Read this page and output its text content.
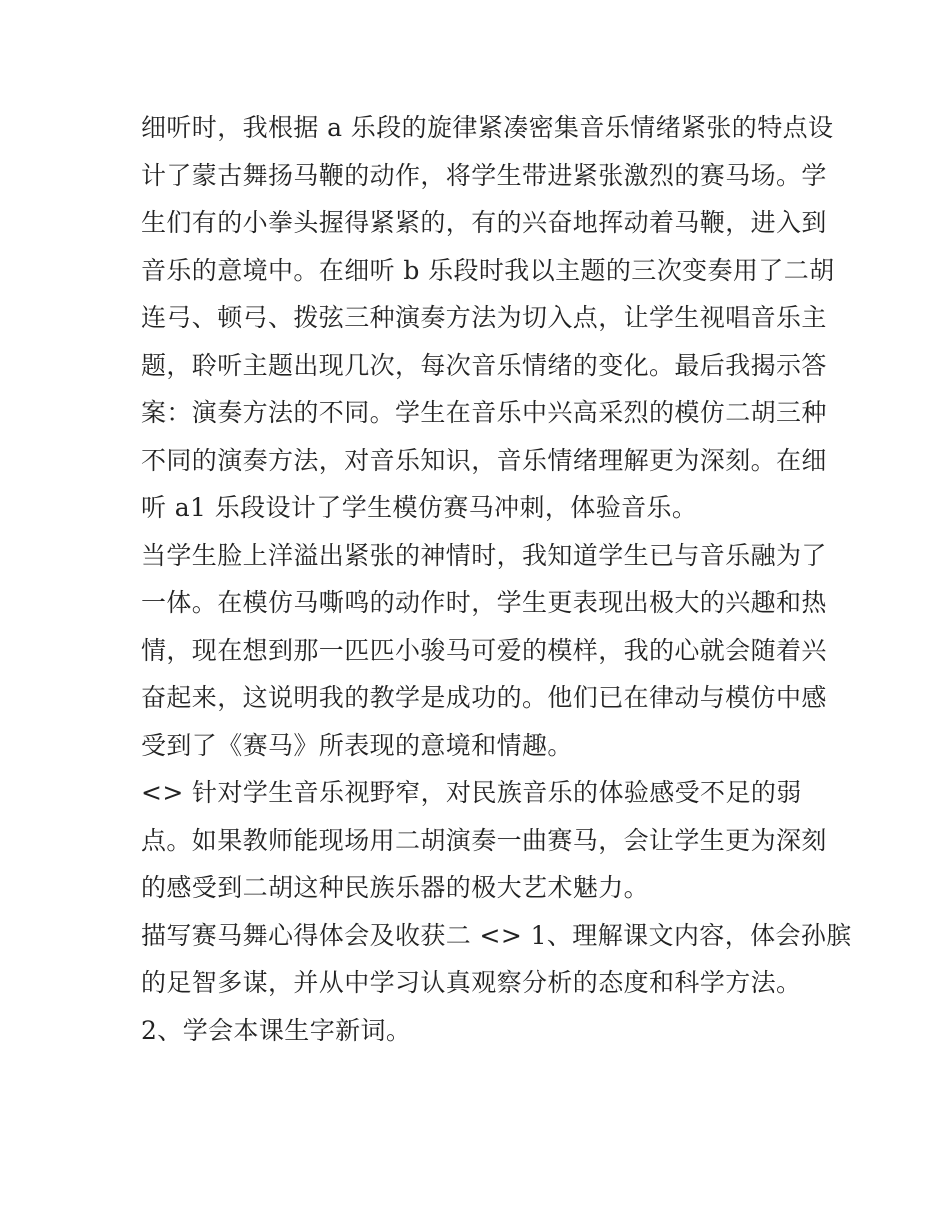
细听时，我根据 a 乐段的旋律紧凑密集音乐情绪紧张的特点设
计了蒙古舞扬马鞭的动作，将学生带进紧张激烈的赛马场。学
生们有的小拳头握得紧紧的，有的兴奋地挥动着马鞭，进入到
音乐的意境中。在细听 b 乐段时我以主题的三次变奏用了二胡
连弓、顿弓、拨弦三种演奏方法为切入点，让学生视唱音乐主
题，聆听主题出现几次，每次音乐情绪的变化。最后我揭示答
案：演奏方法的不同。学生在音乐中兴高采烈的模仿二胡三种
不同的演奏方法，对音乐知识，音乐情绪理解更为深刻。在细
听 a1 乐段设计了学生模仿赛马冲刺，体验音乐。
当学生脸上洋溢出紧张的神情时，我知道学生已与音乐融为了
一体。在模仿马嘶鸣的动作时，学生更表现出极大的兴趣和热
情，现在想到那一匹匹小骏马可爱的模样，我的心就会随着兴
奋起来，这说明我的教学是成功的。他们已在律动与模仿中感
受到了《赛马》所表现的意境和情趣。
<> 针对学生音乐视野窄，对民族音乐的体验感受不足的弱
点。如果教师能现场用二胡演奏一曲赛马，会让学生更为深刻
的感受到二胡这种民族乐器的极大艺术魅力。
描写赛马舞心得体会及收获二 <> 1、理解课文内容，体会孙膑
的足智多谋，并从中学习认真观察分析的态度和科学方法。
2、学会本课生字新词。
